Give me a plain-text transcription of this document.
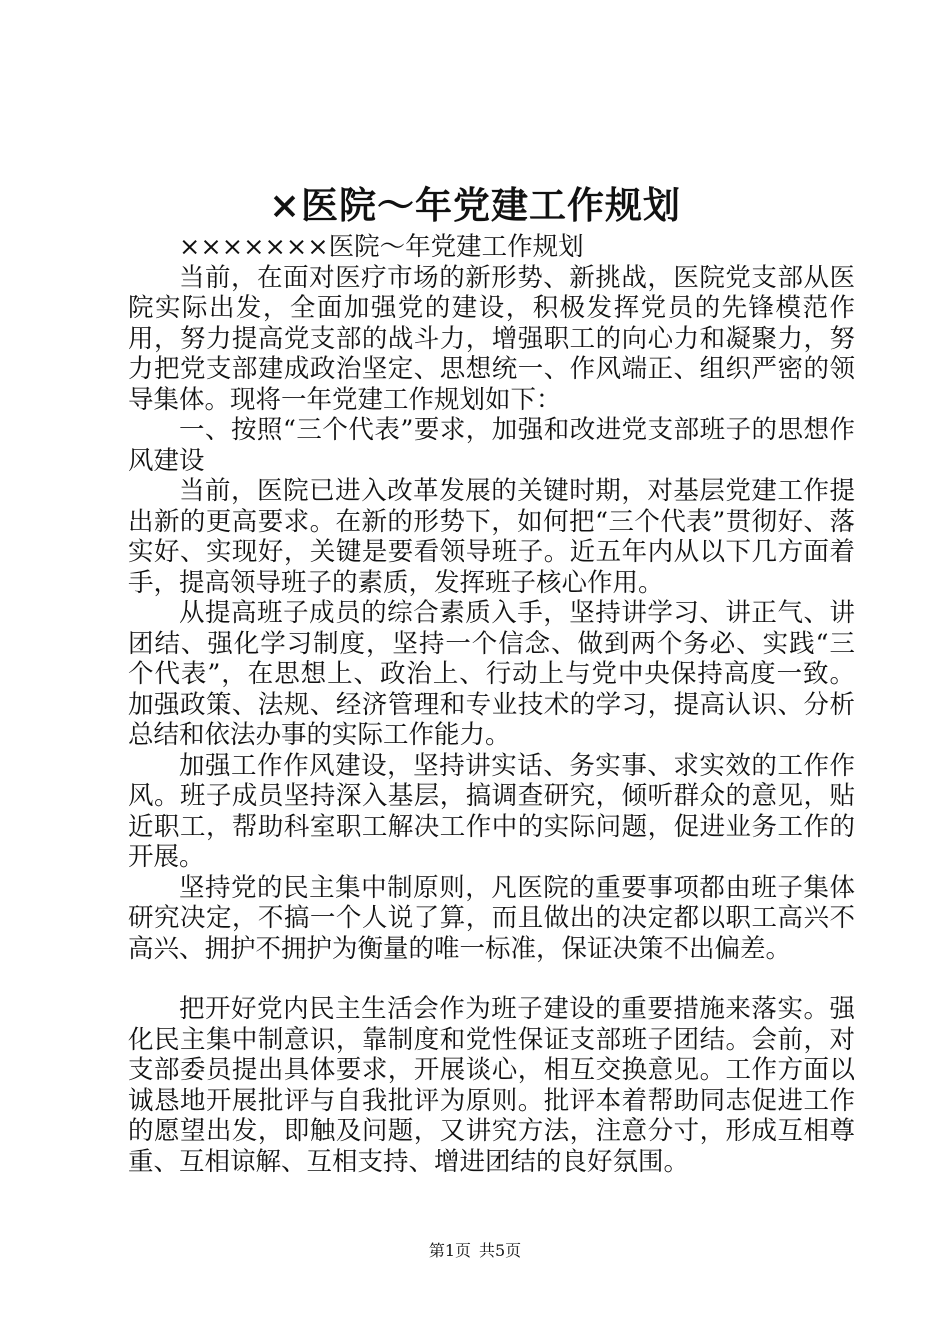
×医院～年党建工作规划

×××××××医院～年党建工作规划

当前，在面对医疗市场的新形势、新挑战，医院党支部从医院实际出发，全面加强党的建设，积极发挥党员的先锋模范作用，努力提高党支部的战斗力，增强职工的向心力和凝聚力，努力把党支部建成政治坚定、思想统一、作风端正、组织严密的领导集体。现将一年党建工作规划如下：

一、按照“三个代表”要求，加强和改进党支部班子的思想作风建设

当前，医院已进入改革发展的关键时期，对基层党建工作提出新的更高要求。在新的形势下，如何把“三个代表”贯彻好、落实好、实现好，关键是要看领导班子。近五年内从以下几方面着手，提高领导班子的素质，发挥班子核心作用。

从提高班子成员的综合素质入手，坚持讲学习、讲正气、讲团结、强化学习制度，坚持一个信念、做到两个务必、实践“三个代表”，在思想上、政治上、行动上与党中央保持高度一致。加强政策、法规、经济管理和专业技术的学习，提高认识、分析总结和依法办事的实际工作能力。

加强工作作风建设，坚持讲实话、务实事、求实效的工作作风。班子成员坚持深入基层，搞调查研究，倾听群众的意见，贴近职工，帮助科室职工解决工作中的实际问题，促进业务工作的开展。

坚持党的民主集中制原则，凡医院的重要事项都由班子集体研究决定，不搞一个人说了算，而且做出的决定都以职工高兴不高兴、拥护不拥护为衡量的唯一标准，保证决策不出偏差。

把开好党内民主生活会作为班子建设的重要措施来落实。强化民主集中制意识，靠制度和党性保证支部班子团结。会前，对支部委员提出具体要求，开展谈心，相互交换意见。工作方面以诚恳地开展批评与自我批评为原则。批评本着帮助同志促进工作的愿望出发，即触及问题，又讲究方法，注意分寸，形成互相尊重、互相谅解、互相支持、增进团结的良好氛围。

第1页 共5页
